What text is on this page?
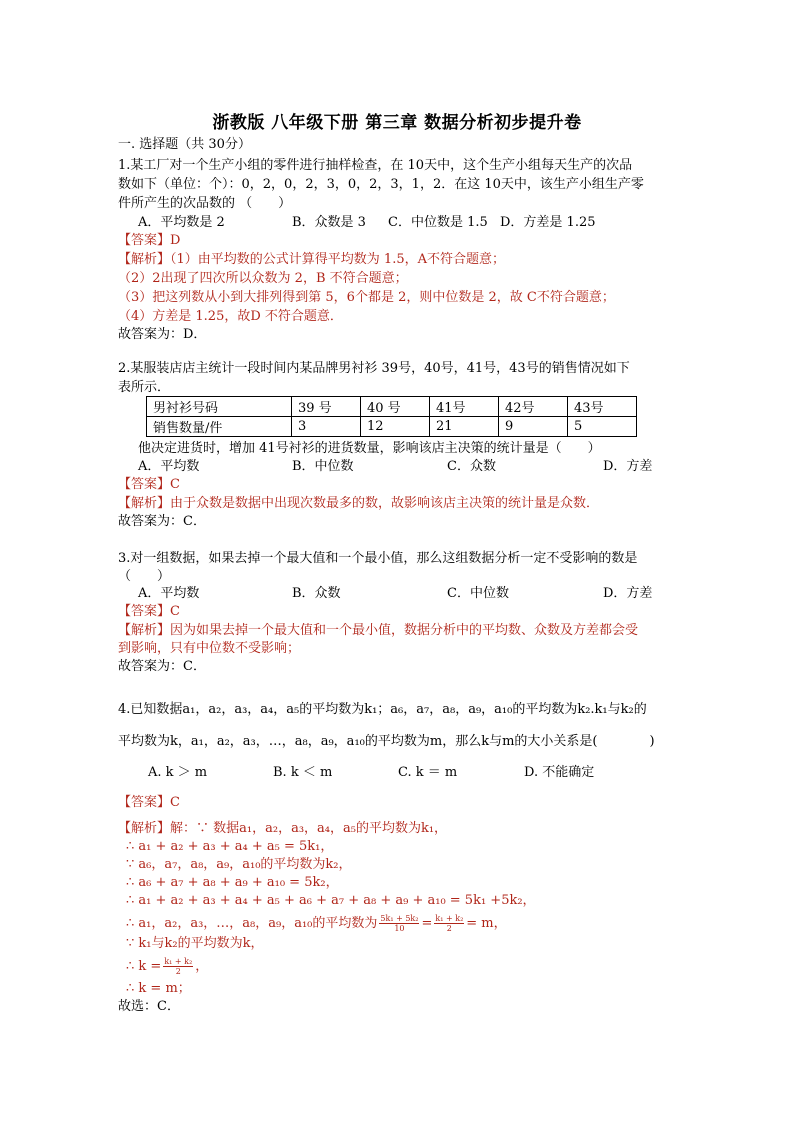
浙教版 八年级下册 第三章 数据分析初步提升卷
一. 选择题（共 30分）
1.某工厂对一个生产小组的零件进行抽样检查，在 10天中，这个生产小组每天生产的次品
数如下（单位：个）：0，2，0，2，3，0，2，3，1，2．在这 10天中，该生产小组生产零
件所产生的次品数的 （　　）
A．平均数是 2	B．众数是 3 C．中位数是 1.5 D．方差是 1.25
【答案】D
【解析】（1）由平均数的公式计算得平均数为 1.5，A不符合题意；
（2）2出现了四次所以众数为 2，B 不符合题意；
（3）把这列数从小到大排列得到第 5，6个都是 2，则中位数是 2，故 C不符合题意；
（4）方差是 1.25，故D 不符合题意．
故答案为：D．
2.某服装店店主统计一段时间内某品牌男衬衫 39号，40号，41号，43号的销售情况如下
表所示．
男衬衫号码	39 号	40 号	41号	42号	43号
销售数量/件	3	12	21	9	5
他决定进货时，增加 41号衬衫的进货数量，影响该店主决策的统计量是（　　）
A．平均数	B．中位数	C．众数	D．方差
【答案】C
【解析】由于众数是数据中出现次数最多的数，故影响该店主决策的统计量是众数．
故答案为：C．
3.对一组数据，如果去掉一个最大值和一个最小值，那么这组数据分析一定不受影响的数是
（　　）
A．平均数	B．众数	C．中位数	D．方差
【答案】C
【解析】因为如果去掉一个最大值和一个最小值，数据分析中的平均数、众数及方差都会受
到影响，只有中位数不受影响；
故答案为：C．
4.已知数据a₁，a₂，a₃，a₄，a₅的平均数为k₁；a₆，a₇，a₈，a₉，a₁₀的平均数为k₂.k₁与k₂的
平均数为k，a₁，a₂，a₃，…，a₈，a₉，a₁₀的平均数为m，那么k与m的大小关系是(　　　　)
A. k ＞ m	B. k ＜ m	C. k ＝ m	D. 不能确定
【答案】C
【解析】解：∵ 数据a₁，a₂，a₃，a₄，a₅的平均数为k₁，
∴ a₁ + a₂ + a₃ + a₄ + a₅ = 5k₁，
∵ a₆，a₇，a₈，a₉，a₁₀的平均数为k₂，
∴ a₆ + a₇ + a₈ + a₉ + a₁₀ = 5k₂，
∴ a₁ + a₂ + a₃ + a₄ + a₅ + a₆ + a₇ + a₈ + a₉ + a₁₀ = 5k₁ +5k₂，
∴ a₁，a₂，a₃，…，a₈，a₉，a₁₀的平均数为 $\frac{\text{5k₁ + 5k₂}}{10} = \frac{\text{k₁ + k₂}}{2} = m$，
∵ k₁与k₂的平均数为k，
∴ $k = \frac{\text{k₁ + k₂}}{2}$ ，
∴ k = m；
故选：C．
